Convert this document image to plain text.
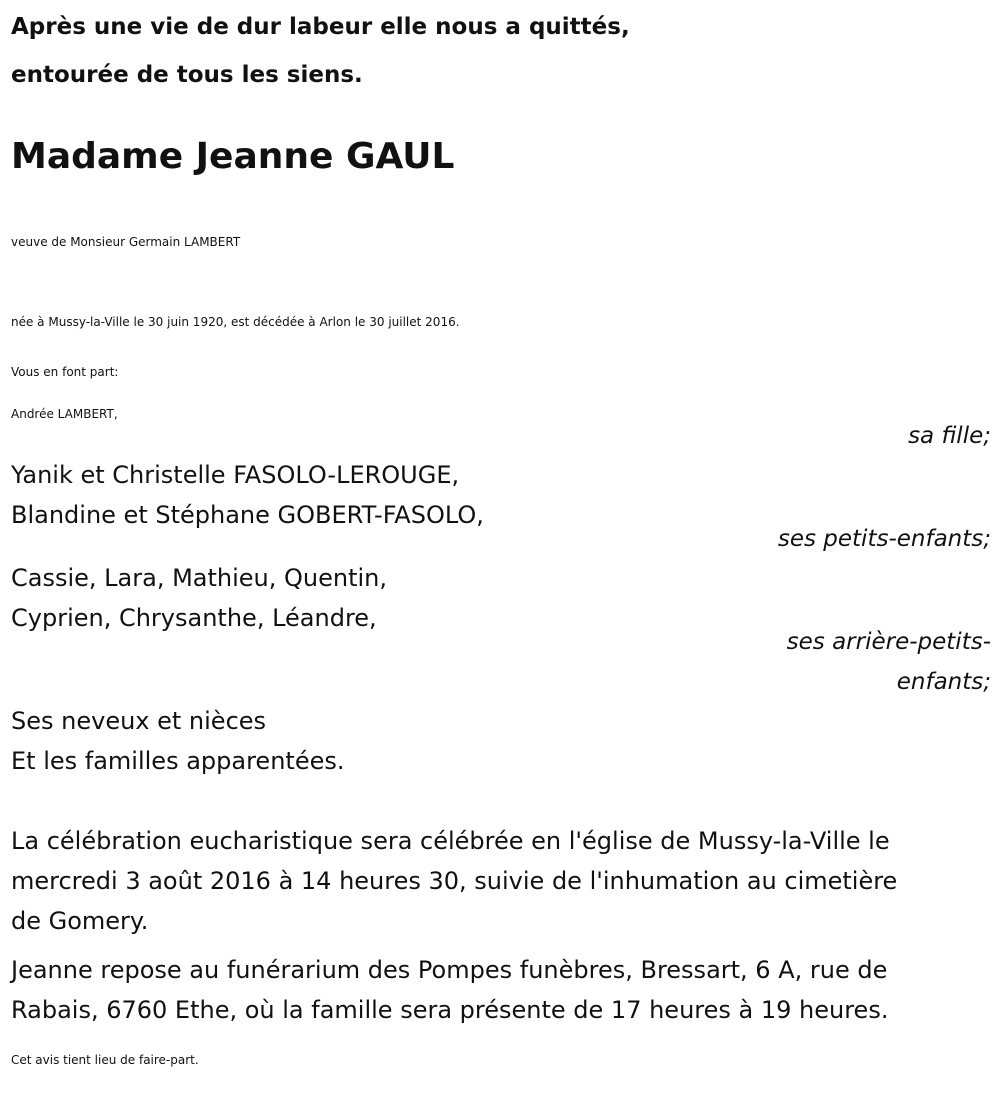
Après une vie de dur labeur elle nous a quittés,
entourée de tous les siens.
Madame Jeanne GAUL
veuve de Monsieur Germain LAMBERT
née à Mussy-la-Ville le 30 juin 1920, est décédée à Arlon le 30 juillet 2016.
Vous en font part:
Andrée LAMBERT,
sa fille;
Yanik et Christelle FASOLO-LEROUGE,
Blandine et Stéphane GOBERT-FASOLO,
ses petits-enfants;
Cassie, Lara, Mathieu, Quentin,
Cyprien, Chrysanthe, Léandre,
ses arrière-petits-
enfants;
Ses neveux et nièces
Et les familles apparentées.
La célébration eucharistique sera célébrée en l'église de Mussy-la-Ville le
mercredi 3 août 2016 à 14 heures 30, suivie de l'inhumation au cimetière
de Gomery.
Jeanne repose au funérarium des Pompes funèbres, Bressart, 6 A, rue de
Rabais, 6760 Ethe, où la famille sera présente de 17 heures à 19 heures.
Cet avis tient lieu de faire-part.
